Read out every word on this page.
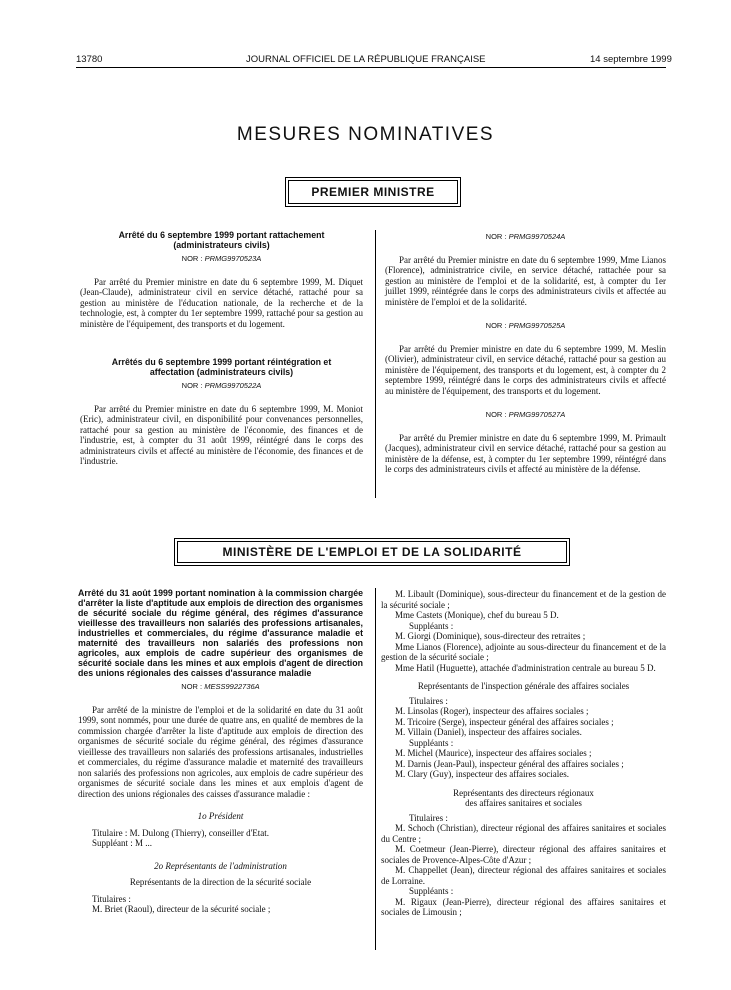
13780	JOURNAL OFFICIEL DE LA RÉPUBLIQUE FRANÇAISE	14 septembre 1999
MESURES NOMINATIVES
PREMIER MINISTRE
Arrêté du 6 septembre 1999 portant rattachement (administrateurs civils)
NOR : PRMG9970523A

Par arrêté du Premier ministre en date du 6 septembre 1999, M. Diquet (Jean-Claude), administrateur civil en service détaché, rattaché pour sa gestion au ministère de l'éducation nationale, de la recherche et de la technologie, est, à compter du 1er septembre 1999, rattaché pour sa gestion au ministère de l'équipement, des transports et du logement.

Arrêtés du 6 septembre 1999 portant réintégration et affectation (administrateurs civils)
NOR : PRMG9970522A

Par arrêté du Premier ministre en date du 6 septembre 1999, M. Moniot (Eric), administrateur civil, en disponibilité pour convenances personnelles, rattaché pour sa gestion au ministère de l'économie, des finances et de l'industrie, est, à compter du 31 août 1999, réintégré dans le corps des administrateurs civils et affecté au ministère de l'économie, des finances et de l'industrie.

NOR : PRMG9970524A

Par arrêté du Premier ministre en date du 6 septembre 1999, Mme Lianos (Florence), administratrice civile, en service détaché, rattachée pour sa gestion au ministère de l'emploi et de la solidarité, est, à compter du 1er juillet 1999, réintégrée dans le corps des administrateurs civils et affectée au ministère de l'emploi et de la solidarité.

NOR : PRMG9970525A

Par arrêté du Premier ministre en date du 6 septembre 1999, M. Meslin (Olivier), administrateur civil, en service détaché, rattaché pour sa gestion au ministère de l'équipement, des transports et du logement, est, à compter du 2 septembre 1999, réintégré dans le corps des administrateurs civils et affecté au ministère de l'équipement, des transports et du logement.

NOR : PRMG9970527A

Par arrêté du Premier ministre en date du 6 septembre 1999, M. Primault (Jacques), administrateur civil en service détaché, rattaché pour sa gestion au ministère de la défense, est, à compter du 1er septembre 1999, réintégré dans le corps des administrateurs civils et affecté au ministère de la défense.

MINISTÈRE DE L'EMPLOI ET DE LA SOLIDARITÉ
Arrêté du 31 août 1999 portant nomination à la commission chargée d'arrêter la liste d'aptitude aux emplois de direction des organismes de sécurité sociale du régime général, des régimes d'assurance vieillesse des travailleurs non salariés des professions artisanales, industrielles et commerciales, du régime d'assurance maladie et maternité des travailleurs non salariés des professions non agricoles, aux emplois de cadre supérieur des organismes de sécurité sociale dans les mines et aux emplois d'agent de direction des unions régionales des caisses d'assurance maladie
NOR : MESS9922736A

Par arrêté de la ministre de l'emploi et de la solidarité en date du 31 août 1999, sont nommés, pour une durée de quatre ans, en qualité de membres de la commission chargée d'arrêter la liste d'aptitude aux emplois de direction des organismes de sécurité sociale du régime général, des régimes d'assurance vieillesse des travailleurs non salariés des professions artisanales, industrielles et commerciales, du régime d'assurance maladie et maternité des travailleurs non salariés des professions non agricoles, aux emplois de cadre supérieur des organismes de sécurité sociale dans les mines et aux emplois d'agent de direction des unions régionales des caisses d'assurance maladie :

1o Président

Titulaire : M. Dulong (Thierry), conseiller d'Etat.

Suppléant : M ...

2o Représentants de l'administration

Représentants de la direction de la sécurité sociale

Titulaires :

M. Briet (Raoul), directeur de la sécurité sociale ;

M. Libault (Dominique), sous-directeur du financement et de la gestion de la sécurité sociale ;

Mme Castets (Monique), chef du bureau 5 D.

Suppléants :

M. Giorgi (Dominique), sous-directeur des retraites ;

Mme Lianos (Florence), adjointe au sous-directeur du financement et de la gestion de la sécurité sociale ;

Mme Hatil (Huguette), attachée d'administration centrale au bureau 5 D.

Représentants de l'inspection générale des affaires sociales

Titulaires :

M. Linsolas (Roger), inspecteur des affaires sociales ;

M. Tricoire (Serge), inspecteur général des affaires sociales ;

M. Villain (Daniel), inspecteur des affaires sociales.

Suppléants :

M. Michel (Maurice), inspecteur des affaires sociales ;

M. Darnis (Jean-Paul), inspecteur général des affaires sociales ;

M. Clary (Guy), inspecteur des affaires sociales.

Représentants des directeurs régionaux

des affaires sanitaires et sociales

Titulaires :

M. Schoch (Christian), directeur régional des affaires sanitaires et sociales du Centre ;

M. Coetmeur (Jean-Pierre), directeur régional des affaires sanitaires et sociales de Provence-Alpes-Côte d'Azur ;

M. Chappellet (Jean), directeur régional des affaires sanitaires et sociales de Lorraine.

Suppléants :

M. Rigaux (Jean-Pierre), directeur régional des affaires sanitaires et sociales de Limousin ;
